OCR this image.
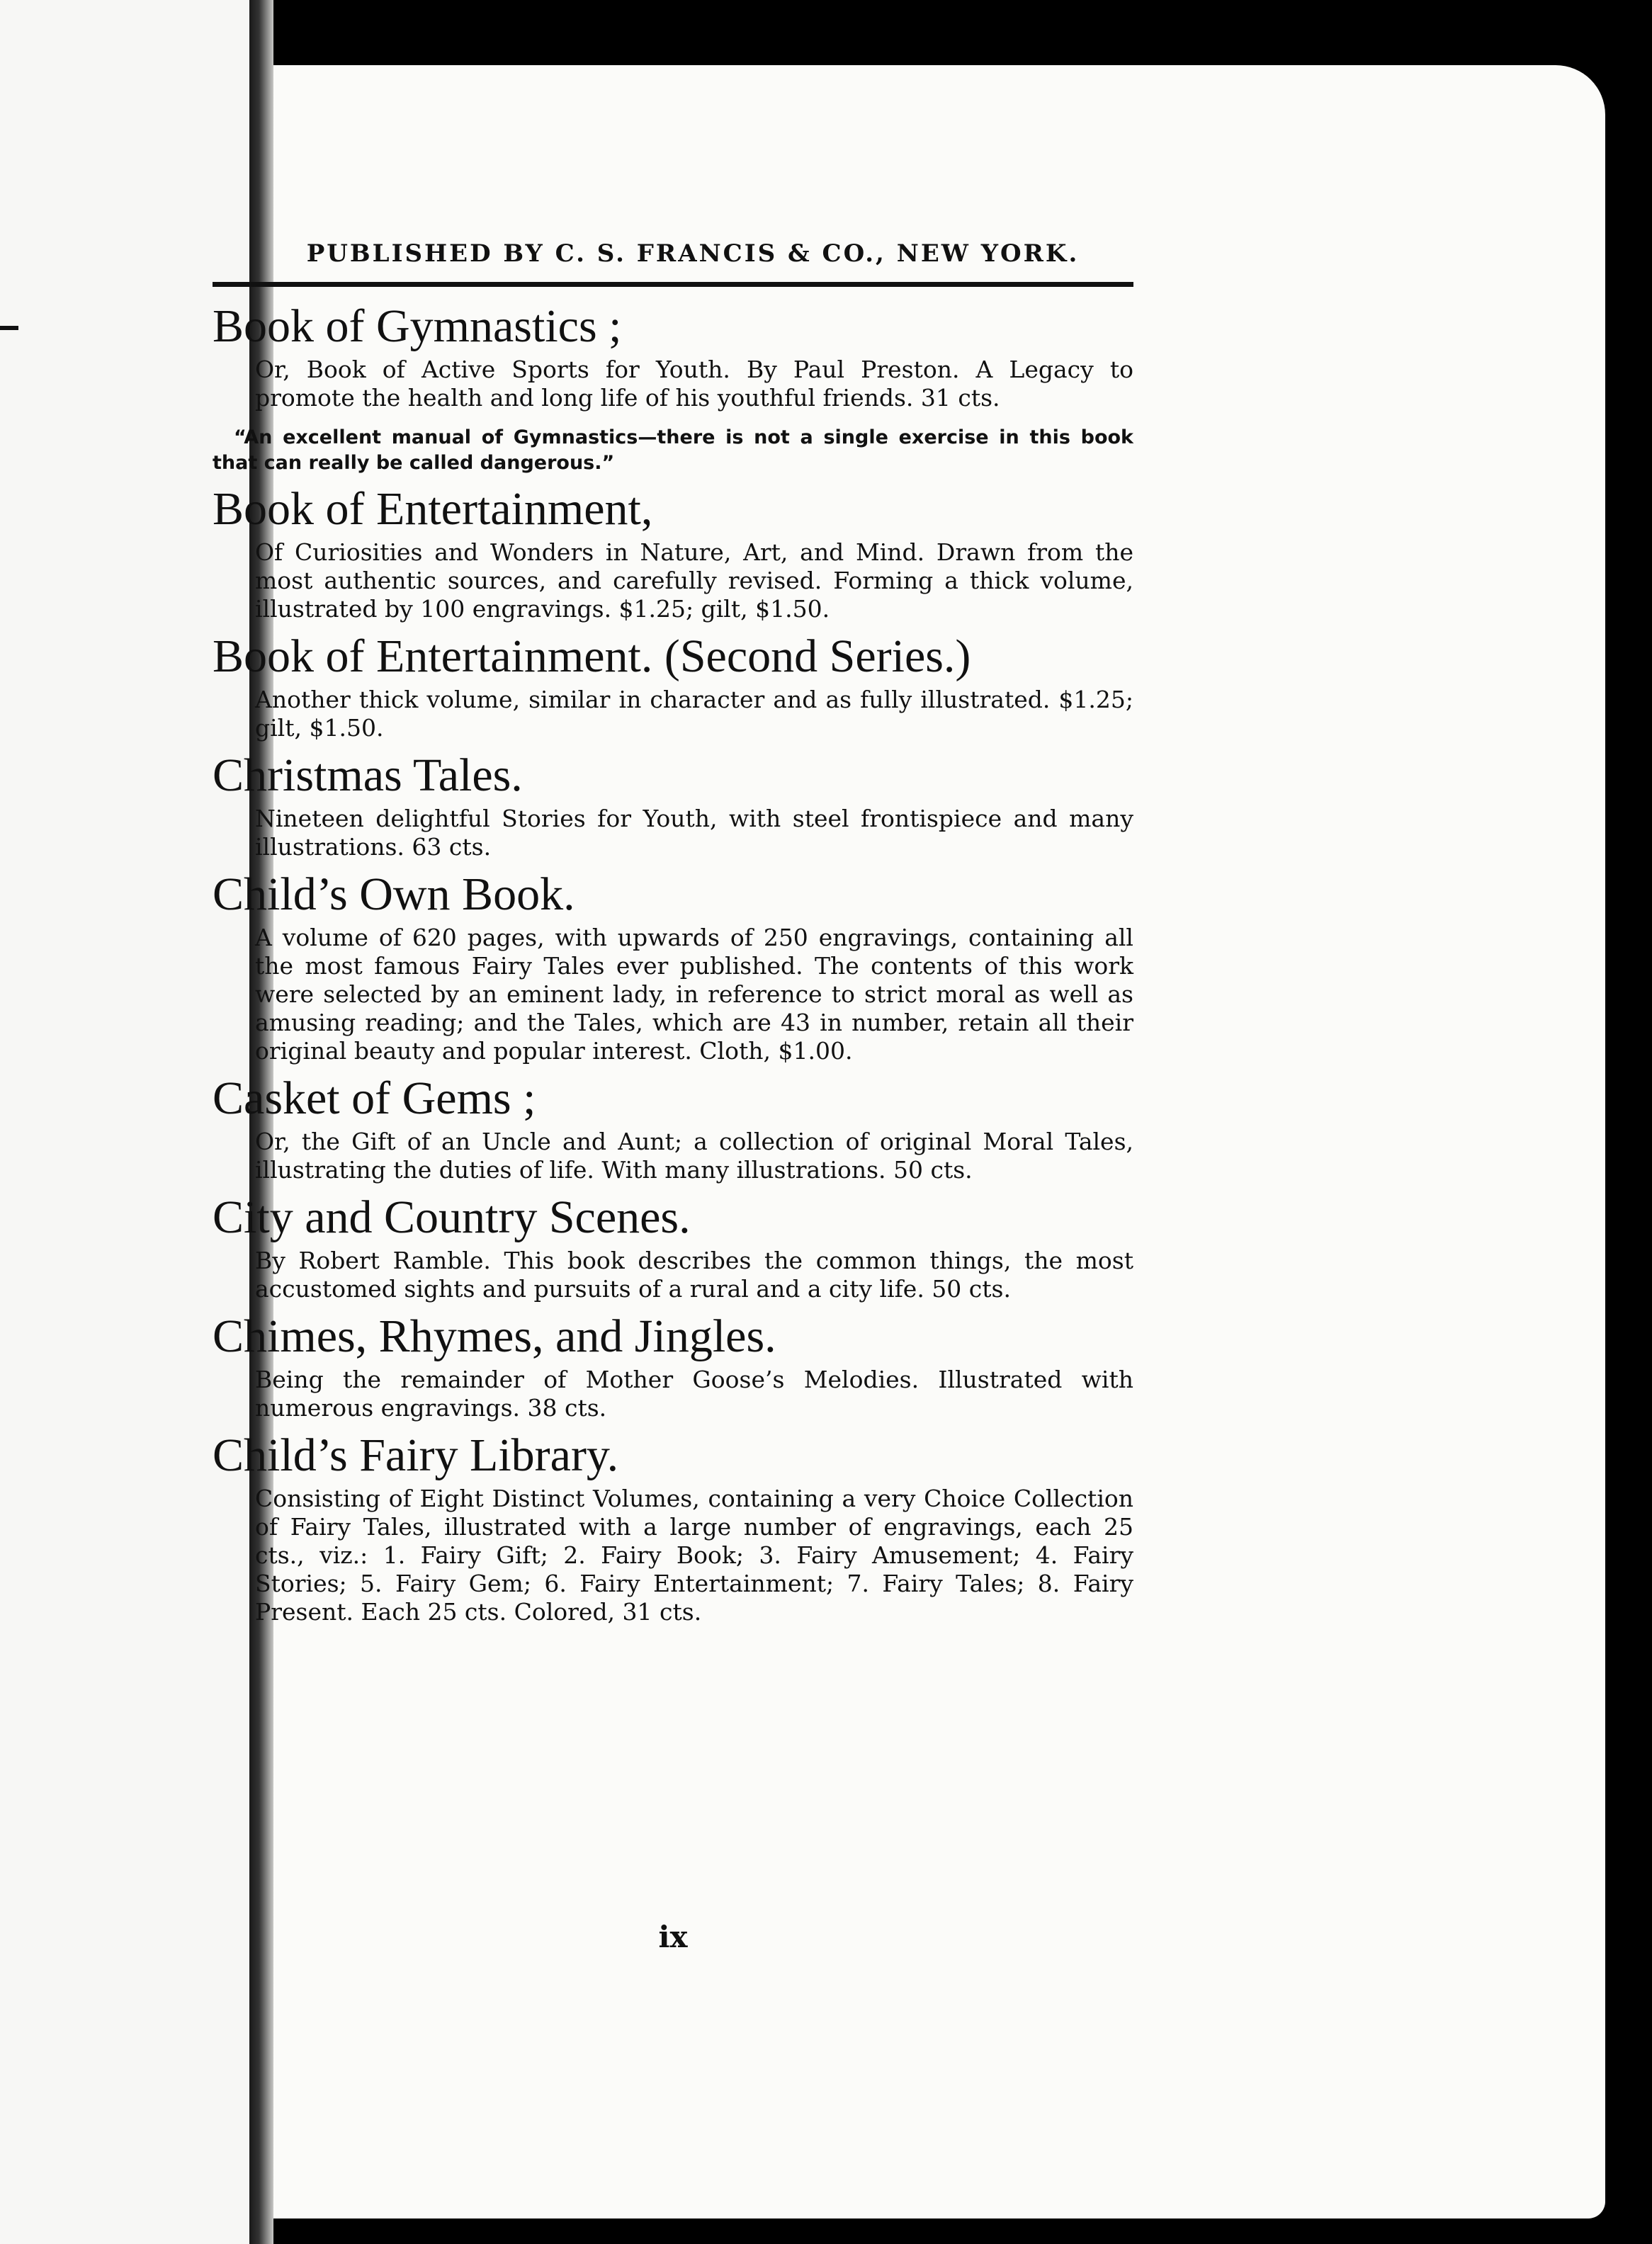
PUBLISHED BY C. S. FRANCIS & CO., NEW YORK.
Book of Gymnastics ;
Or, Book of Active Sports for Youth. By Paul Preston. A Legacy to promote the health and long life of his youthful friends. 31 cts.
“An excellent manual of Gymnastics—there is not a single exercise in this book that can really be called dangerous.”
Book of Entertainment,
Of Curiosities and Wonders in Nature, Art, and Mind. Drawn from the most authentic sources, and carefully revised. Forming a thick volume, illustrated by 100 engravings. $1.25; gilt, $1.50.
Book of Entertainment. (Second Series.)
Another thick volume, similar in character and as fully illustrated. $1.25; gilt, $1.50.
Christmas Tales.
Nineteen delightful Stories for Youth, with steel frontispiece and many illustrations. 63 cts.
Child’s Own Book.
A volume of 620 pages, with upwards of 250 engravings, containing all the most famous Fairy Tales ever published. The contents of this work were selected by an eminent lady, in reference to strict moral as well as amusing reading; and the Tales, which are 43 in number, retain all their original beauty and popular interest. Cloth, $1.00.
Casket of Gems ;
Or, the Gift of an Uncle and Aunt; a collection of original Moral Tales, illustrating the duties of life. With many illustrations. 50 cts.
City and Country Scenes.
By Robert Ramble. This book describes the common things, the most accustomed sights and pursuits of a rural and a city life. 50 cts.
Chimes, Rhymes, and Jingles.
Being the remainder of Mother Goose’s Melodies. Illustrated with numerous engravings. 38 cts.
Child’s Fairy Library.
Consisting of Eight Distinct Volumes, containing a very Choice Collection of Fairy Tales, illustrated with a large number of engravings, each 25 cts., viz.: 1. Fairy Gift; 2. Fairy Book; 3. Fairy Amusement; 4. Fairy Stories; 5. Fairy Gem; 6. Fairy Entertainment; 7. Fairy Tales; 8. Fairy Present. Each 25 cts. Colored, 31 cts.
ix
